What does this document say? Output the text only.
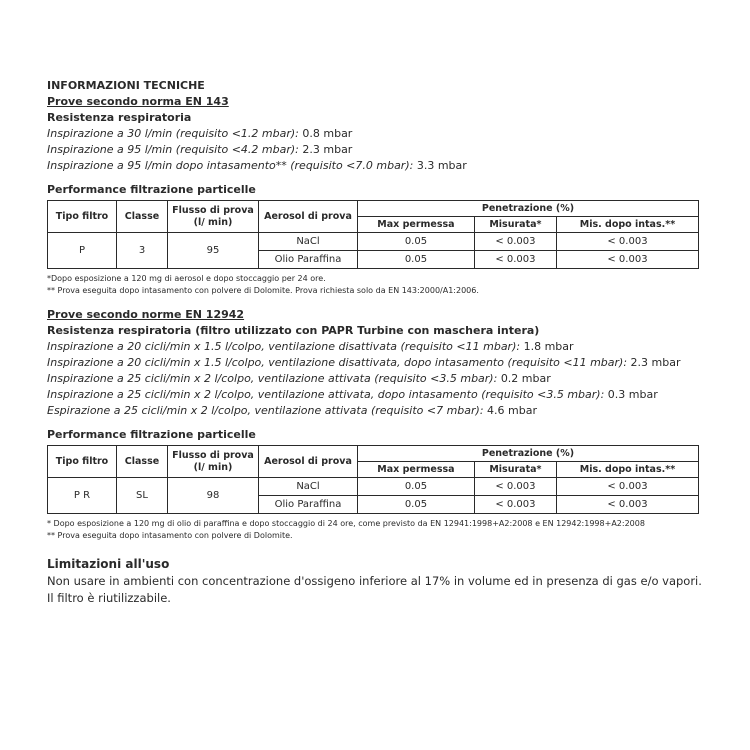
INFORMAZIONI TECNICHE
Prove secondo norma EN 143
Resistenza respiratoria
Inspirazione a 30 l/min (requisito <1.2 mbar): 0.8 mbar
Inspirazione a 95 l/min (requisito <4.2 mbar): 2.3 mbar
Inspirazione a 95 l/min dopo intasamento** (requisito <7.0 mbar): 3.3 mbar
Performance filtrazione particelle
Tipo filtro	Classe	Flusso di prova (l/ min)	Aerosol di prova	Penetrazione (%)		
				Max permessa	Misurata*	Mis. dopo intas.**
P	3	95	NaCl	0.05	< 0.003	< 0.003
			Olio Paraffina	0.05	< 0.003	< 0.003
*Dopo esposizione a 120 mg di aerosol e dopo stoccaggio per 24 ore.
** Prova eseguita dopo intasamento con polvere di Dolomite. Prova richiesta solo da EN 143:2000/A1:2006.
Prove secondo norme EN 12942
Resistenza respiratoria (filtro utilizzato con PAPR Turbine con maschera intera)
Inspirazione a 20 cicli/min x 1.5 l/colpo, ventilazione disattivata (requisito <11 mbar): 1.8 mbar
Inspirazione a 20 cicli/min x 1.5 l/colpo, ventilazione disattivata, dopo intasamento (requisito <11 mbar): 2.3 mbar
Inspirazione a 25 cicli/min x 2 l/colpo, ventilazione attivata (requisito <3.5 mbar): 0.2 mbar
Inspirazione a 25 cicli/min x 2 l/colpo, ventilazione attivata, dopo intasamento (requisito <3.5 mbar): 0.3 mbar
Espirazione a 25 cicli/min x 2 l/colpo, ventilazione attivata (requisito <7 mbar): 4.6 mbar
Performance filtrazione particelle
Tipo filtro	Classe	Flusso di prova (l/ min)	Aerosol di prova	Penetrazione (%)		
				Max permessa	Misurata*	Mis. dopo intas.**
P R	SL	98	NaCl	0.05	< 0.003	< 0.003
			Olio Paraffina	0.05	< 0.003	< 0.003
* Dopo esposizione a 120 mg di olio di paraffina e dopo stoccaggio di 24 ore, come previsto da EN 12941:1998+A2:2008 e EN 12942:1998+A2:2008
** Prova eseguita dopo intasamento con polvere di Dolomite.
Limitazioni all'uso
Non usare in ambienti con concentrazione d'ossigeno inferiore al 17% in volume ed in presenza di gas e/o vapori.
Il filtro è riutilizzabile.
